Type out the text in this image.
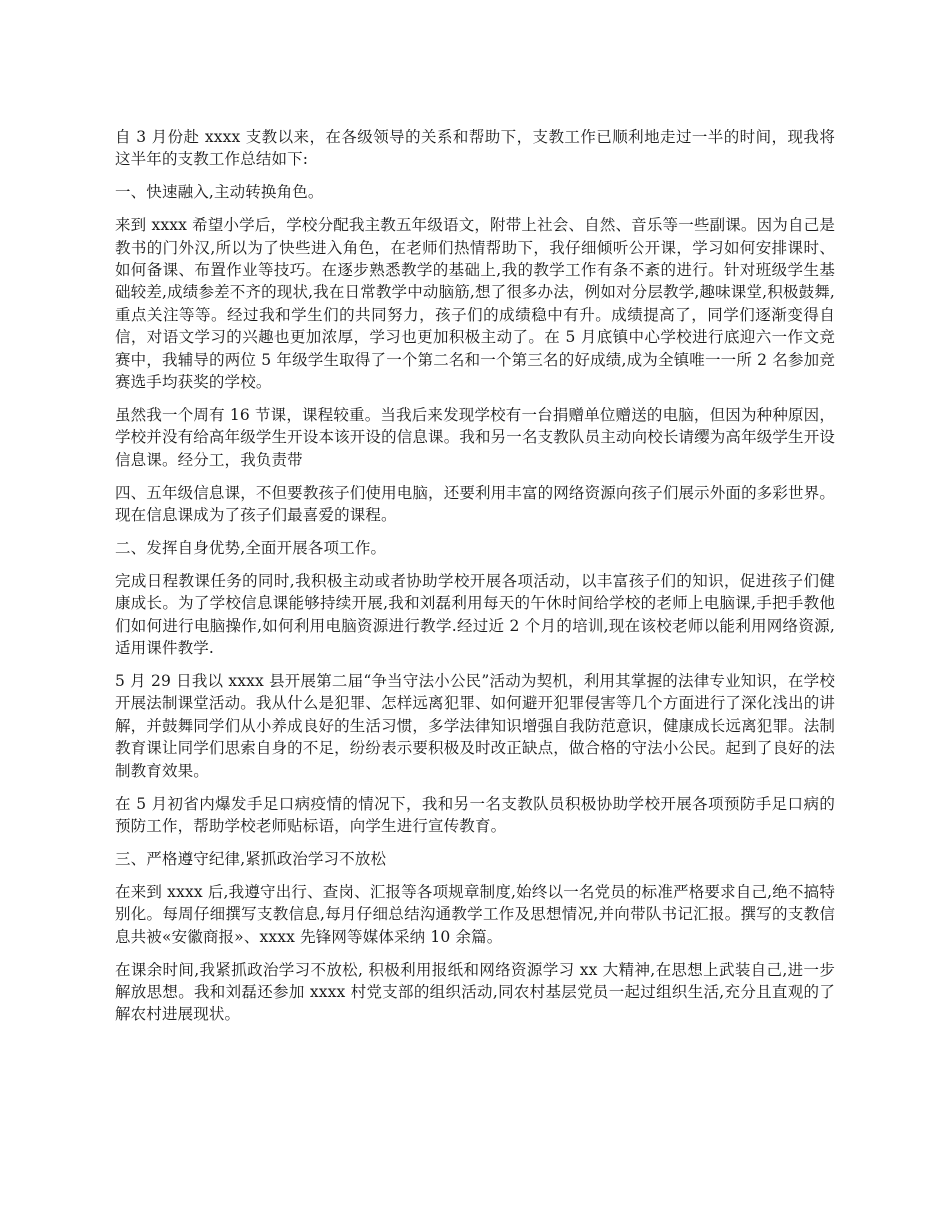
自 3 月份赴 xxxx 支教以来，在各级领导的关系和帮助下，支教工作已顺利地走过一半的时间，现我将这半年的支教工作总结如下:

一、快速融入,主动转换角色。

来到 xxxx 希望小学后，学校分配我主教五年级语文，附带上社会、自然、音乐等一些副课。因为自己是教书的门外汉,所以为了快些进入角色，在老师们热情帮助下，我仔细倾听公开课，学习如何安排课时、如何备课、布置作业等技巧。在逐步熟悉教学的基础上,我的教学工作有条不紊的进行。针对班级学生基础较差,成绩参差不齐的现状,我在日常教学中动脑筋,想了很多办法，例如对分层教学,趣味课堂,积极鼓舞,重点关注等等。经过我和学生们的共同努力，孩子们的成绩稳中有升。成绩提高了，同学们逐渐变得自信，对语文学习的兴趣也更加浓厚，学习也更加积极主动了。在 5 月底镇中心学校进行底迎六一作文竞赛中，我辅导的两位 5 年级学生取得了一个第二名和一个第三名的好成绩,成为全镇唯一一所 2 名参加竞赛选手均获奖的学校。

虽然我一个周有 16 节课，课程较重。当我后来发现学校有一台捐赠单位赠送的电脑，但因为种种原因，学校并没有给高年级学生开设本该开设的信息课。我和另一名支教队员主动向校长请缨为高年级学生开设信息课。经分工，我负责带

四、五年级信息课，不但要教孩子们使用电脑，还要利用丰富的网络资源向孩子们展示外面的多彩世界。现在信息课成为了孩子们最喜爱的课程。

二、发挥自身优势,全面开展各项工作。

完成日程教课任务的同时,我积极主动或者协助学校开展各项活动，以丰富孩子们的知识，促进孩子们健康成长。为了学校信息课能够持续开展,我和刘磊利用每天的午休时间给学校的老师上电脑课,手把手教他们如何进行电脑操作,如何利用电脑资源进行教学.经过近 2 个月的培训,现在该校老师以能利用网络资源,适用课件教学.

5 月 29 日我以 xxxx 县开展第二届“争当守法小公民”活动为契机，利用其掌握的法律专业知识，在学校开展法制课堂活动。我从什么是犯罪、怎样远离犯罪、如何避开犯罪侵害等几个方面进行了深化浅出的讲解，并鼓舞同学们从小养成良好的生活习惯，多学法律知识增强自我防范意识，健康成长远离犯罪。法制教育课让同学们思索自身的不足，纷纷表示要积极及时改正缺点，做合格的守法小公民。起到了良好的法制教育效果。

在 5 月初省内爆发手足口病疫情的情况下，我和另一名支教队员积极协助学校开展各项预防手足口病的预防工作，帮助学校老师贴标语，向学生进行宣传教育。

三、严格遵守纪律,紧抓政治学习不放松

在来到 xxxx 后,我遵守出行、查岗、汇报等各项规章制度,始终以一名党员的标准严格要求自己,绝不搞特别化。每周仔细撰写支教信息,每月仔细总结沟通教学工作及思想情况,并向带队书记汇报。撰写的支教信息共被«安徽商报»、xxxx 先锋网等媒体采纳 10 余篇。

在课余时间,我紧抓政治学习不放松, 积极利用报纸和网络资源学习 xx 大精神,在思想上武装自己,进一步解放思想。我和刘磊还参加 xxxx 村党支部的组织活动,同农村基层党员一起过组织生活,充分且直观的了解农村进展现状。
